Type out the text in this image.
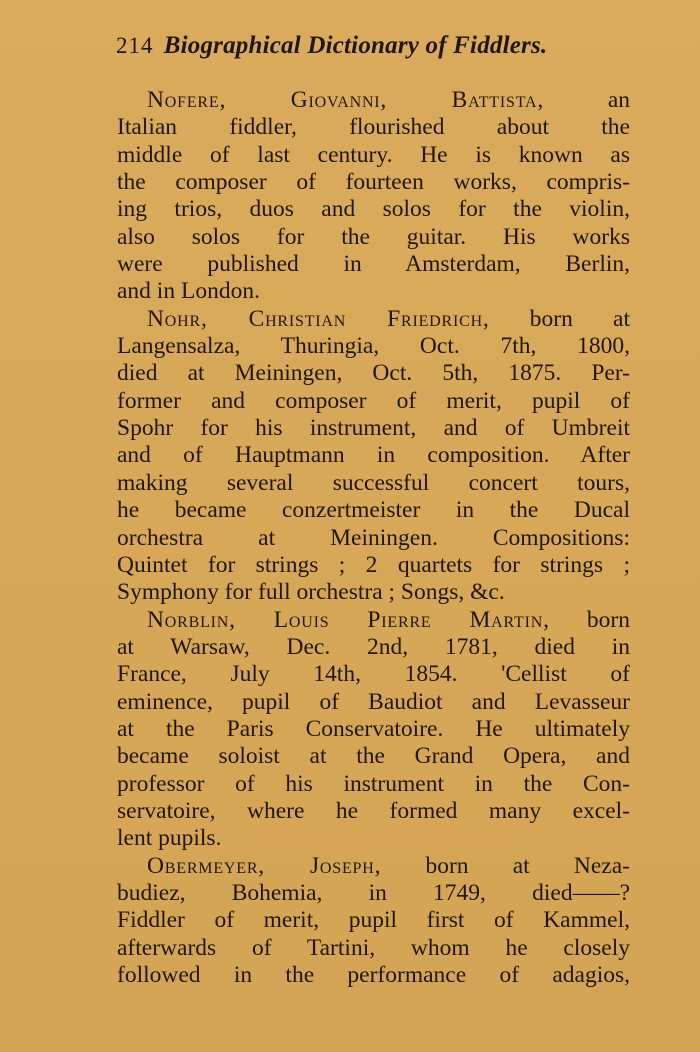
214 Biographical Dictionary of Fiddlers.
Nofere, Giovanni, Battista, an
Italian fiddler, flourished about the
middle of last century. He is known as
the composer of fourteen works, compris-
ing trios, duos and solos for the violin,
also solos for the guitar. His works
were published in Amsterdam, Berlin,
and in London.
Nohr, Christian Friedrich, born at
Langensalza, Thuringia, Oct. 7th, 1800,
died at Meiningen, Oct. 5th, 1875. Per-
former and composer of merit, pupil of
Spohr for his instrument, and of Umbreit
and of Hauptmann in composition. After
making several successful concert tours,
he became conzertmeister in the Ducal
orchestra at Meiningen. Compositions:
Quintet for strings ; 2 quartets for strings ;
Symphony for full orchestra ; Songs, &c.
Norblin, Louis Pierre Martin, born
at Warsaw, Dec. 2nd, 1781, died in
France, July 14th, 1854. 'Cellist of
eminence, pupil of Baudiot and Levasseur
at the Paris Conservatoire. He ultimately
became soloist at the Grand Opera, and
professor of his instrument in the Con-
servatoire, where he formed many excel-
lent pupils.
Obermeyer, Joseph, born at Neza-
budiez, Bohemia, in 1749, died——?
Fiddler of merit, pupil first of Kammel,
afterwards of Tartini, whom he closely
followed in the performance of adagios,
